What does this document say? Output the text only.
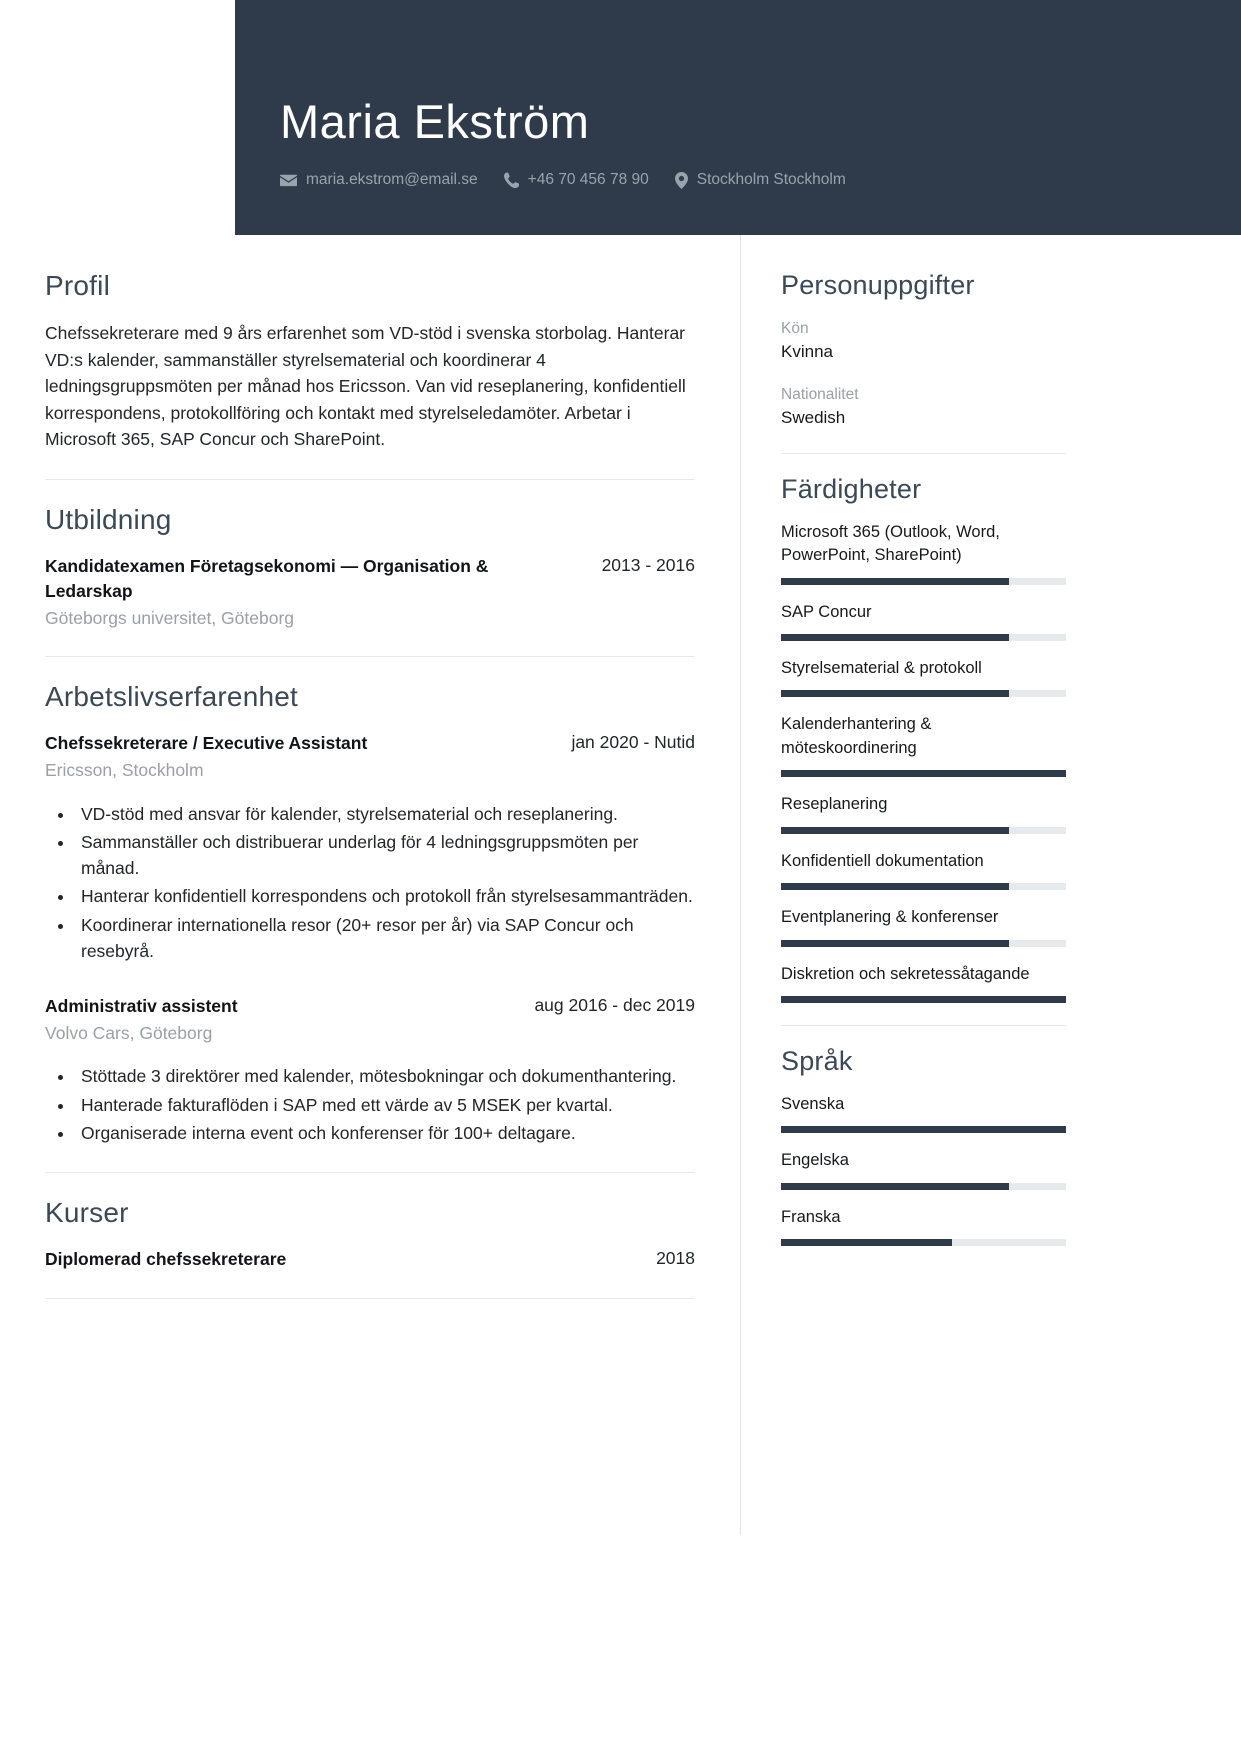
Maria Ekström
maria.ekstrom@email.se	+46 70 456 78 90	Stockholm Stockholm
Profil
Chefssekreterare med 9 års erfarenhet som VD-stöd i svenska storbolag. Hanterar VD:s kalender, sammanställer styrelsematerial och koordinerar 4 ledningsgruppsmöten per månad hos Ericsson. Van vid reseplanering, konfidentiell korrespondens, protokollföring och kontakt med styrelseledamöter. Arbetar i Microsoft 365, SAP Concur och SharePoint.
Utbildning
Kandidatexamen Företagsekonomi — Organisation & Ledarskap
2013 - 2016
Göteborgs universitet, Göteborg
Arbetslivserfarenhet
Chefssekreterare / Executive Assistant	jan 2020 - Nutid
Ericsson, Stockholm
• VD-stöd med ansvar för kalender, styrelsematerial och reseplanering.
• Sammanställer och distribuerar underlag för 4 ledningsgruppsmöten per månad.
• Hanterar konfidentiell korrespondens och protokoll från styrelsesammanträden.
• Koordinerar internationella resor (20+ resor per år) via SAP Concur och resebyrå.
Administrativ assistent	aug 2016 - dec 2019
Volvo Cars, Göteborg
• Stöttade 3 direktörer med kalender, mötesbokningar och dokumenthantering.
• Hanterade fakturaflöden i SAP med ett värde av 5 MSEK per kvartal.
• Organiserade interna event och konferenser för 100+ deltagare.
Kurser
Diplomerad chefssekreterare	2018
Personuppgifter
Kön
Kvinna
Nationalitet
Swedish
Färdigheter
Microsoft 365 (Outlook, Word, PowerPoint, SharePoint)
SAP Concur
Styrelsematerial & protokoll
Kalenderhantering & möteskoordinering
Reseplanering
Konfidentiell dokumentation
Eventplanering & konferenser
Diskretion och sekretessåtagande
Språk
Svenska
Engelska
Franska
